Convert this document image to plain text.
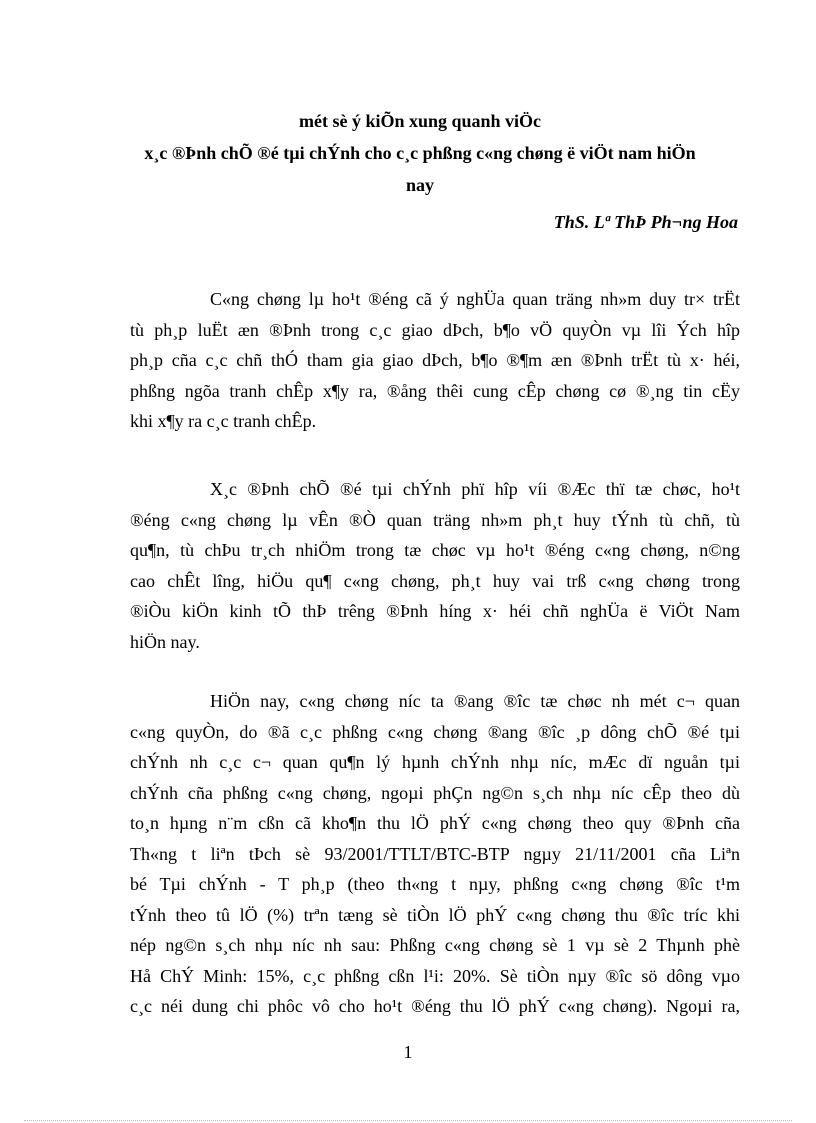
mét sè ý kiÕn xung quanh viÖc
x¸c ®Þnh chÕ ®é tµi chÝnh cho c¸c phßng c«ng chøng ë viÖt nam hiÖn
nay
ThS. Lª ThÞ Ph¬ng Hoa
C«ng chøng lµ ho¹t ®éng cã ý nghÜa quan träng nh»m duy tr× trËt
tù ph¸p luËt æn ®Þnh trong c¸c giao dÞch, b¶o vÖ quyÒn vµ lîi Ých hîp
ph¸p cña c¸c chñ thÓ tham gia giao dÞch, b¶o ®¶m æn ®Þnh trËt tù x· héi,
phßng ngõa tranh chÊp x¶y ra, ®ång thêi cung cÊp chøng cø ®¸ng tin cËy
khi x¶y ra c¸c tranh chÊp.
X¸c ®Þnh chÕ ®é tµi chÝnh phï hîp víi ®Æc thï tæ chøc, ho¹t
®éng c«ng chøng lµ vÊn ®Ò quan träng nh»m ph¸t huy tÝnh tù chñ, tù
qu¶n, tù chÞu tr¸ch nhiÖm trong tæ chøc vµ ho¹t ®éng c«ng chøng, n©ng
cao chÊt lîng, hiÖu qu¶ c«ng chøng, ph¸t huy vai trß c«ng chøng trong
®iÒu kiÖn kinh tÕ thÞ trêng ®Þnh híng x· héi chñ nghÜa ë ViÖt Nam
hiÖn nay.
HiÖn nay, c«ng chøng níc ta ®ang ®îc tæ chøc nh mét c¬ quan
c«ng quyÒn, do ®ã c¸c phßng c«ng chøng ®ang ®îc ¸p dông chÕ ®é tµi
chÝnh nh c¸c c¬ quan qu¶n lý hµnh chÝnh nhµ níc, mÆc dï nguån tµi
chÝnh cña phßng c«ng chøng, ngoµi phÇn ng©n s¸ch nhµ níc cÊp theo dù
to¸n hµng n¨m cßn cã kho¶n thu lÖ phÝ c«ng chøng theo quy ®Þnh cña
Th«ng t liªn tÞch sè 93/2001/TTLT/BTC-BTP ngµy 21/11/2001 cña Liªn
bé Tµi chÝnh - T ph¸p (theo th«ng t nµy, phßng c«ng chøng ®îc t¹m
tÝnh theo tû lÖ (%) trªn tæng sè tiÒn lÖ phÝ c«ng chøng thu ®îc tríc khi
nép ng©n s¸ch nhµ níc nh sau: Phßng c«ng chøng sè 1 vµ sè 2 Thµnh phè
Hå ChÝ Minh: 15%, c¸c phßng cßn l¹i: 20%. Sè tiÒn nµy ®îc sö dông vµo
c¸c néi dung chi phôc vô cho ho¹t ®éng thu lÖ phÝ c«ng chøng). Ngoµi ra,
1
